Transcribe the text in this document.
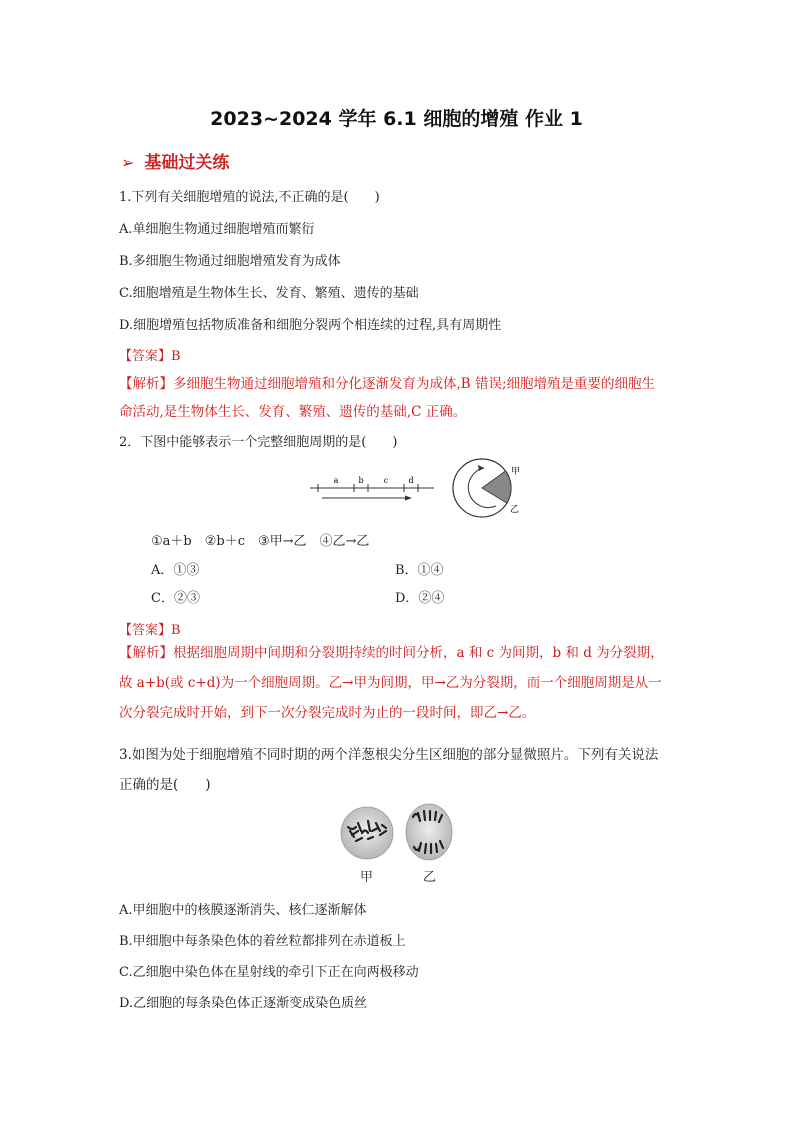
2023~2024 学年 6.1 细胞的增殖 作业 1
➢ 基础过关练
1.下列有关细胞增殖的说法,不正确的是(　　)
A.单细胞生物通过细胞增殖而繁衍
B.多细胞生物通过细胞增殖发育为成体
C.细胞增殖是生物体生长、发育、繁殖、遗传的基础
D.细胞增殖包括物质准备和细胞分裂两个相连续的过程,具有周期性
【答案】B
【解析】多细胞生物通过细胞增殖和分化逐渐发育为成体,B 错误;细胞增殖是重要的细胞生
命活动,是生物体生长、发育、繁殖、遗传的基础,C 正确。
2．下图中能够表示一个完整细胞周期的是(　　)
a	b	c	d
甲
乙
①a＋b　②b＋c　③甲→乙　④乙→乙
A．①③	B．①④
C．②③	D．②④
【答案】B
【解析】根据细胞周期中间期和分裂期持续的时间分析，a 和 c 为间期，b 和 d 为分裂期，
故 a+b(或 c+d)为一个细胞周期。乙→甲为间期，甲→乙为分裂期，而一个细胞周期是从一
次分裂完成时开始，到下一次分裂完成时为止的一段时间，即乙→乙。
3.如图为处于细胞增殖不同时期的两个洋葱根尖分生区细胞的部分显微照片。下列有关说法
正确的是(　　)
甲	乙
A.甲细胞中的核膜逐渐消失、核仁逐渐解体
B.甲细胞中每条染色体的着丝粒都排列在赤道板上
C.乙细胞中染色体在星射线的牵引下正在向两极移动
D.乙细胞的每条染色体正逐渐变成染色质丝
